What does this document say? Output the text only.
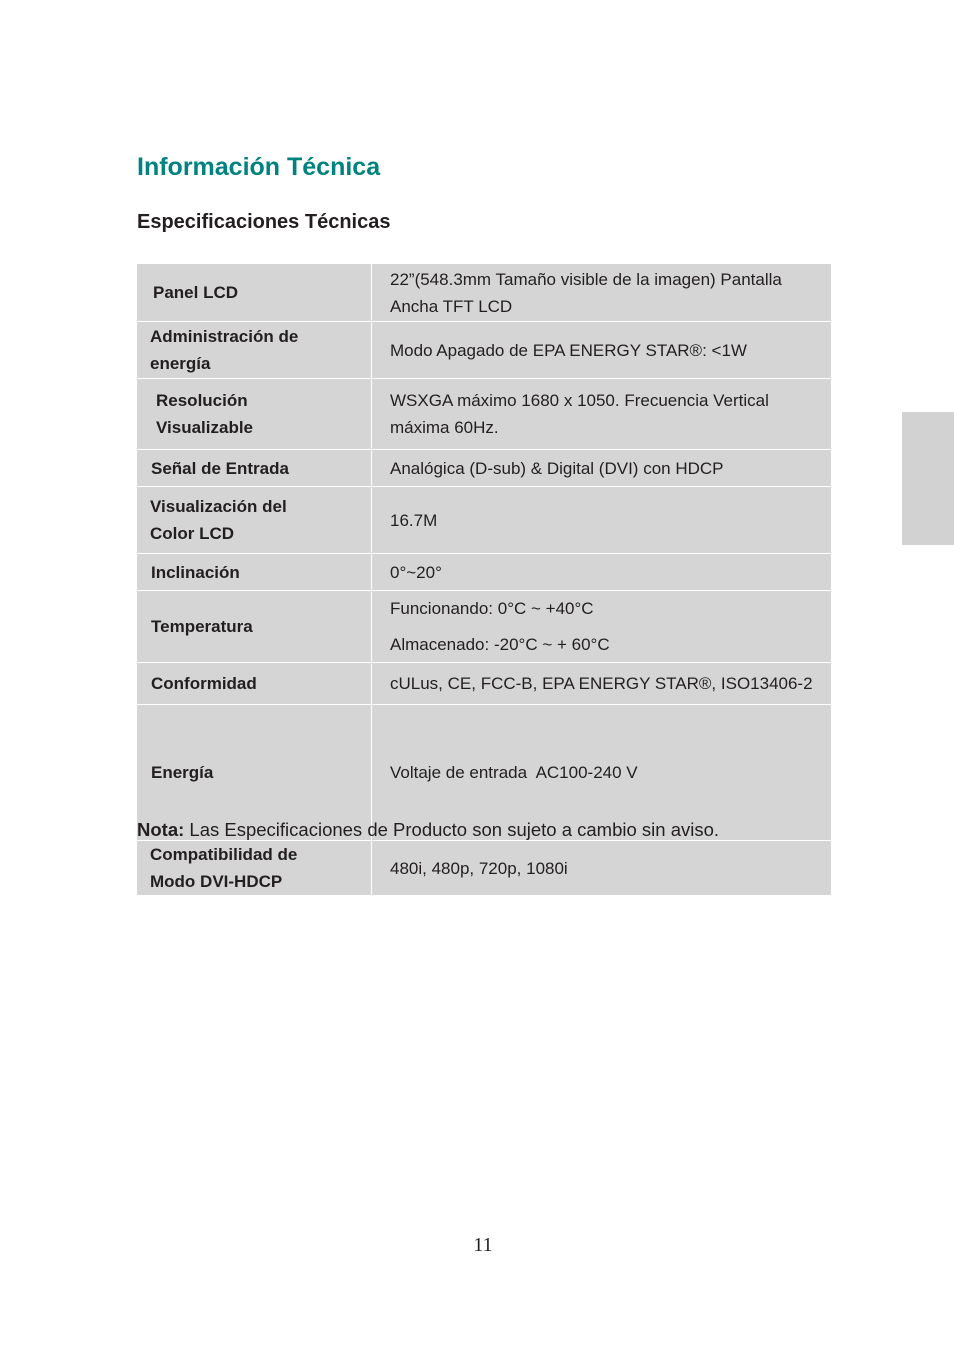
Información Técnica
Especificaciones Técnicas
Panel LCD	22”(548.3mm Tamaño visible de la imagen) Pantalla
Ancha TFT LCD

Administración de energía	Modo Apagado de EPA ENERGY STAR®: <1W

Resolución Visualizable	WSXGA máximo 1680 x 1050. Frecuencia Vertical
máxima 60Hz.

Señal de Entrada	Analógica (D-sub) & Digital (DVI) con HDCP

Visualización del Color LCD	16.7M

Inclinación	0°~20°

Temperatura	Funcionando: 0°C ~ +40°C
Almacenado: -20°C ~ + 60°C

Conformidad	cULus, CE, FCC-B, EPA ENERGY STAR®, ISO13406-2

Energía	Voltaje de entrada  AC100-240 V

Compatibilidad de Modo DVI-HDCP	480i, 480p, 720p, 1080i

Nota: Las Especificaciones de Producto son sujeto a cambio sin aviso.

11
